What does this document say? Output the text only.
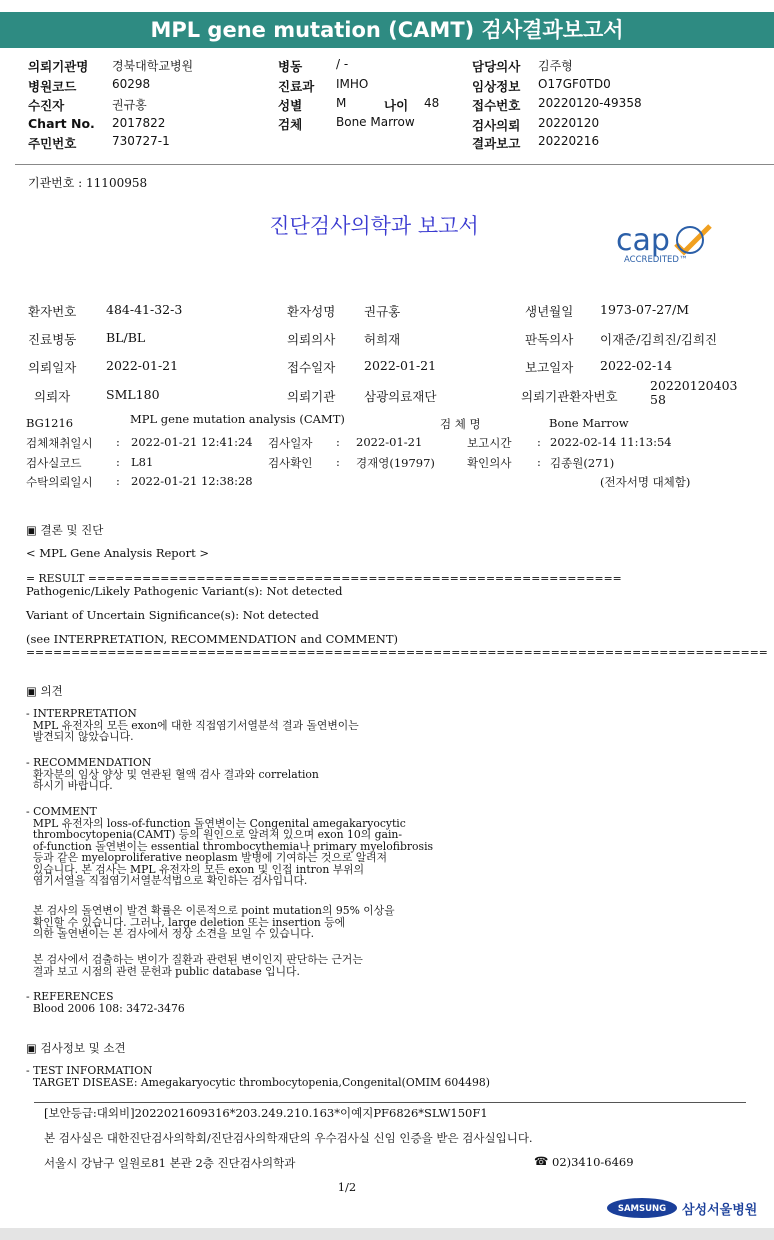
MPL gene mutation (CAMT) 검사결과보고서
의뢰기관명 경북대학교병원
병원코드	60298
수진자	권규홍
Chart No. 2017822
주민번호	730727-1
병동	/ -
진료과 IMHO
성별	M	나이 48
검체	Bone Marrow
담당의사 김주형
임상정보 O17GF0TD0
접수번호 20220120-49358
검사의뢰 20220120
결과보고 20220216
기관번호 : 11100958
진단검사의학과 보고서	cap
ACCREDITED™
환자번호 484-41-32-3	환자성명 권규홍	생년월일 1973-07-27/M
진료병동 BL/BL	의뢰의사 허희재	판독의사 이재준/김희진/김희진
의뢰일자 2022-01-21	접수일자 2022-01-21	보고일자 2022-02-14
의뢰자	SML180	의뢰기관 삼광의료재단	의뢰기관환자번호
2022012040358
BG1216	MPL gene mutation analysis (CAMT)	검 체 명	Bone Marrow
검체채취일시 : 2022-01-21 12:41:24 검사일자 : 2022-01-21	보고시간 : 2022-02-14 11:13:54
검사실코드	: L81	검사확인 : 경재영(19797)	확인의사 : 김종원(271)
수탁의뢰일시 : 2022-01-21 12:38:28	(전자서명 대체함)
▣ 결론 및 진단
< MPL Gene Analysis Report >
= RESULT ===========================================================
Pathogenic/Likely Pathogenic Variant(s): Not detected
Variant of Uncertain Significance(s): Not detected
(see INTERPRETATION, RECOMMENDATION and COMMENT)
==================================================================================
▣ 의견
- INTERPRETATION
MPL 유전자의 모든 exon에 대한 직접염기서열분석 결과 돌연변이는
발견되지 않았습니다.
- RECOMMENDATION
환자분의 임상 양상 및 연관된 혈액 검사 결과와 correlation
하시기 바랍니다.
- COMMENT
MPL 유전자의 loss-of-function 돌연변이는 Congenital amegakaryocytic
thrombocytopenia(CAMT) 등의 원인으로 알려져 있으며 exon 10의 gain-
of-function 돌연변이는 essential thrombocythemia나 primary myelofibrosis
등과 같은 myeloproliferative neoplasm 발병에 기여하는 것으로 알려져
있습니다. 본 검사는 MPL 유전자의 모든 exon 및 인접 intron 부위의
염기서열을 직접염기서열분석법으로 확인하는 검사입니다.
본 검사의 돌연변이 발견 확률은 이론적으로 point mutation의 95% 이상을
확인할 수 있습니다. 그러나, large deletion 또는 insertion 등에
의한 돌연변이는 본 검사에서 정상 소견을 보일 수 있습니다.
본 검사에서 검출하는 변이가 질환과 관련된 변이인지 판단하는 근거는
결과 보고 시점의 관련 문헌과 public database 입니다.
- REFERENCES
Blood 2006 108: 3472-3476
▣ 검사정보 및 소견
- TEST INFORMATION
TARGET DISEASE: Amegakaryocytic thrombocytopenia,Congenital(OMIM 604498)
[보안등급:대외비]2022021609316*203.249.210.163*이예지PF6826*SLW150F1
본 검사실은 대한진단검사의학회/진단검사의학재단의 우수검사실 신임 인증을 받은 검사실입니다.
서울시 강남구 일원로81 본관 2층 진단검사의학과	☎ 02)3410-6469
1/2
SAMSUNG 삼성서울병원
